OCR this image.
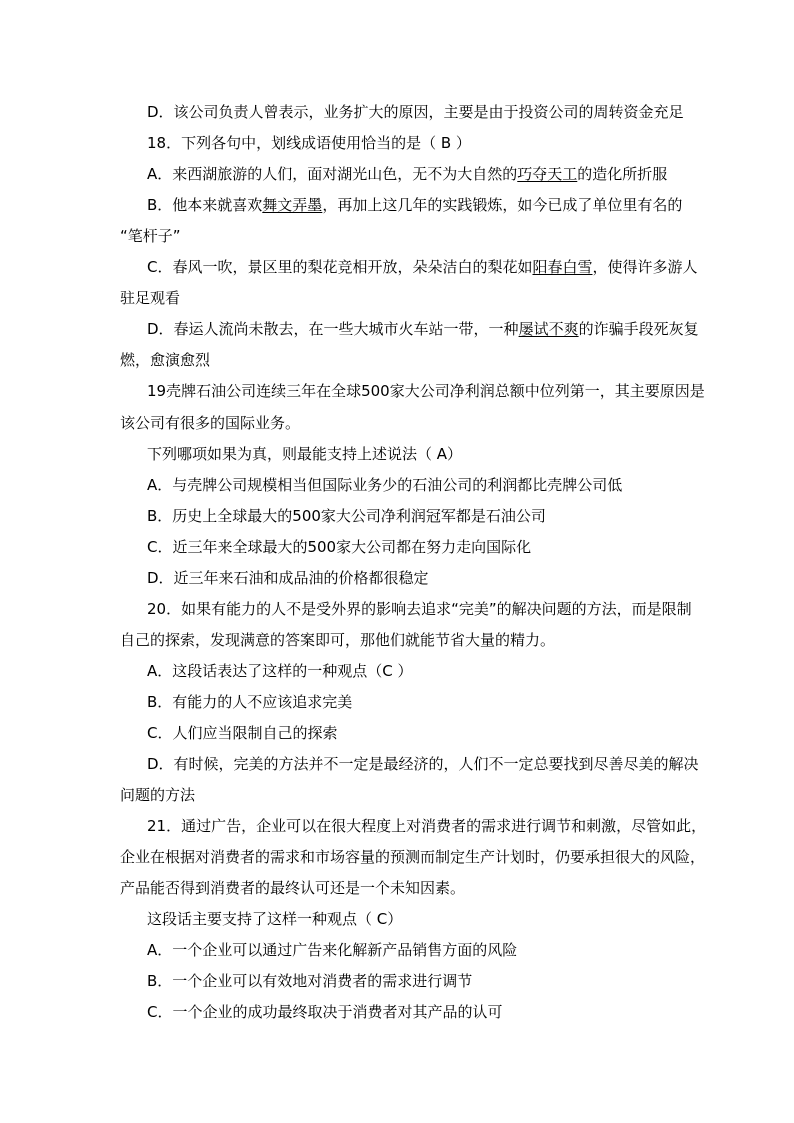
D．该公司负责人曾表示，业务扩大的原因，主要是由于投资公司的周转资金充足
18．下列各句中，划线成语使用恰当的是（ B ）
A．来西湖旅游的人们，面对湖光山色，无不为大自然的巧夺天工的造化所折服
B．他本来就喜欢舞文弄墨，再加上这几年的实践锻炼，如今已成了单位里有名的
“笔杆子”
C．春风一吹，景区里的梨花竞相开放，朵朵洁白的梨花如阳春白雪，使得许多游人
驻足观看
D．春运人流尚未散去，在一些大城市火车站一带，一种屡试不爽的诈骗手段死灰复
燃，愈演愈烈
19壳牌石油公司连续三年在全球500家大公司净利润总额中位列第一，其主要原因是
该公司有很多的国际业务。
下列哪项如果为真，则最能支持上述说法（ A）
A．与壳牌公司规模相当但国际业务少的石油公司的利润都比壳牌公司低
B．历史上全球最大的500家大公司净利润冠军都是石油公司
C．近三年来全球最大的500家大公司都在努力走向国际化
D．近三年来石油和成品油的价格都很稳定
20．如果有能力的人不是受外界的影响去追求“完美”的解决问题的方法，而是限制
自己的探索，发现满意的答案即可，那他们就能节省大量的精力。
A．这段话表达了这样的一种观点（C ）
B．有能力的人不应该追求完美
C．人们应当限制自己的探索
D．有时候，完美的方法并不一定是最经济的，人们不一定总要找到尽善尽美的解决
问题的方法
21．通过广告，企业可以在很大程度上对消费者的需求进行调节和刺激，尽管如此，
企业在根据对消费者的需求和市场容量的预测而制定生产计划时，仍要承担很大的风险，
产品能否得到消费者的最终认可还是一个未知因素。
这段话主要支持了这样一种观点（ C）
A．一个企业可以通过广告来化解新产品销售方面的风险
B．一个企业可以有效地对消费者的需求进行调节
C．一个企业的成功最终取决于消费者对其产品的认可
